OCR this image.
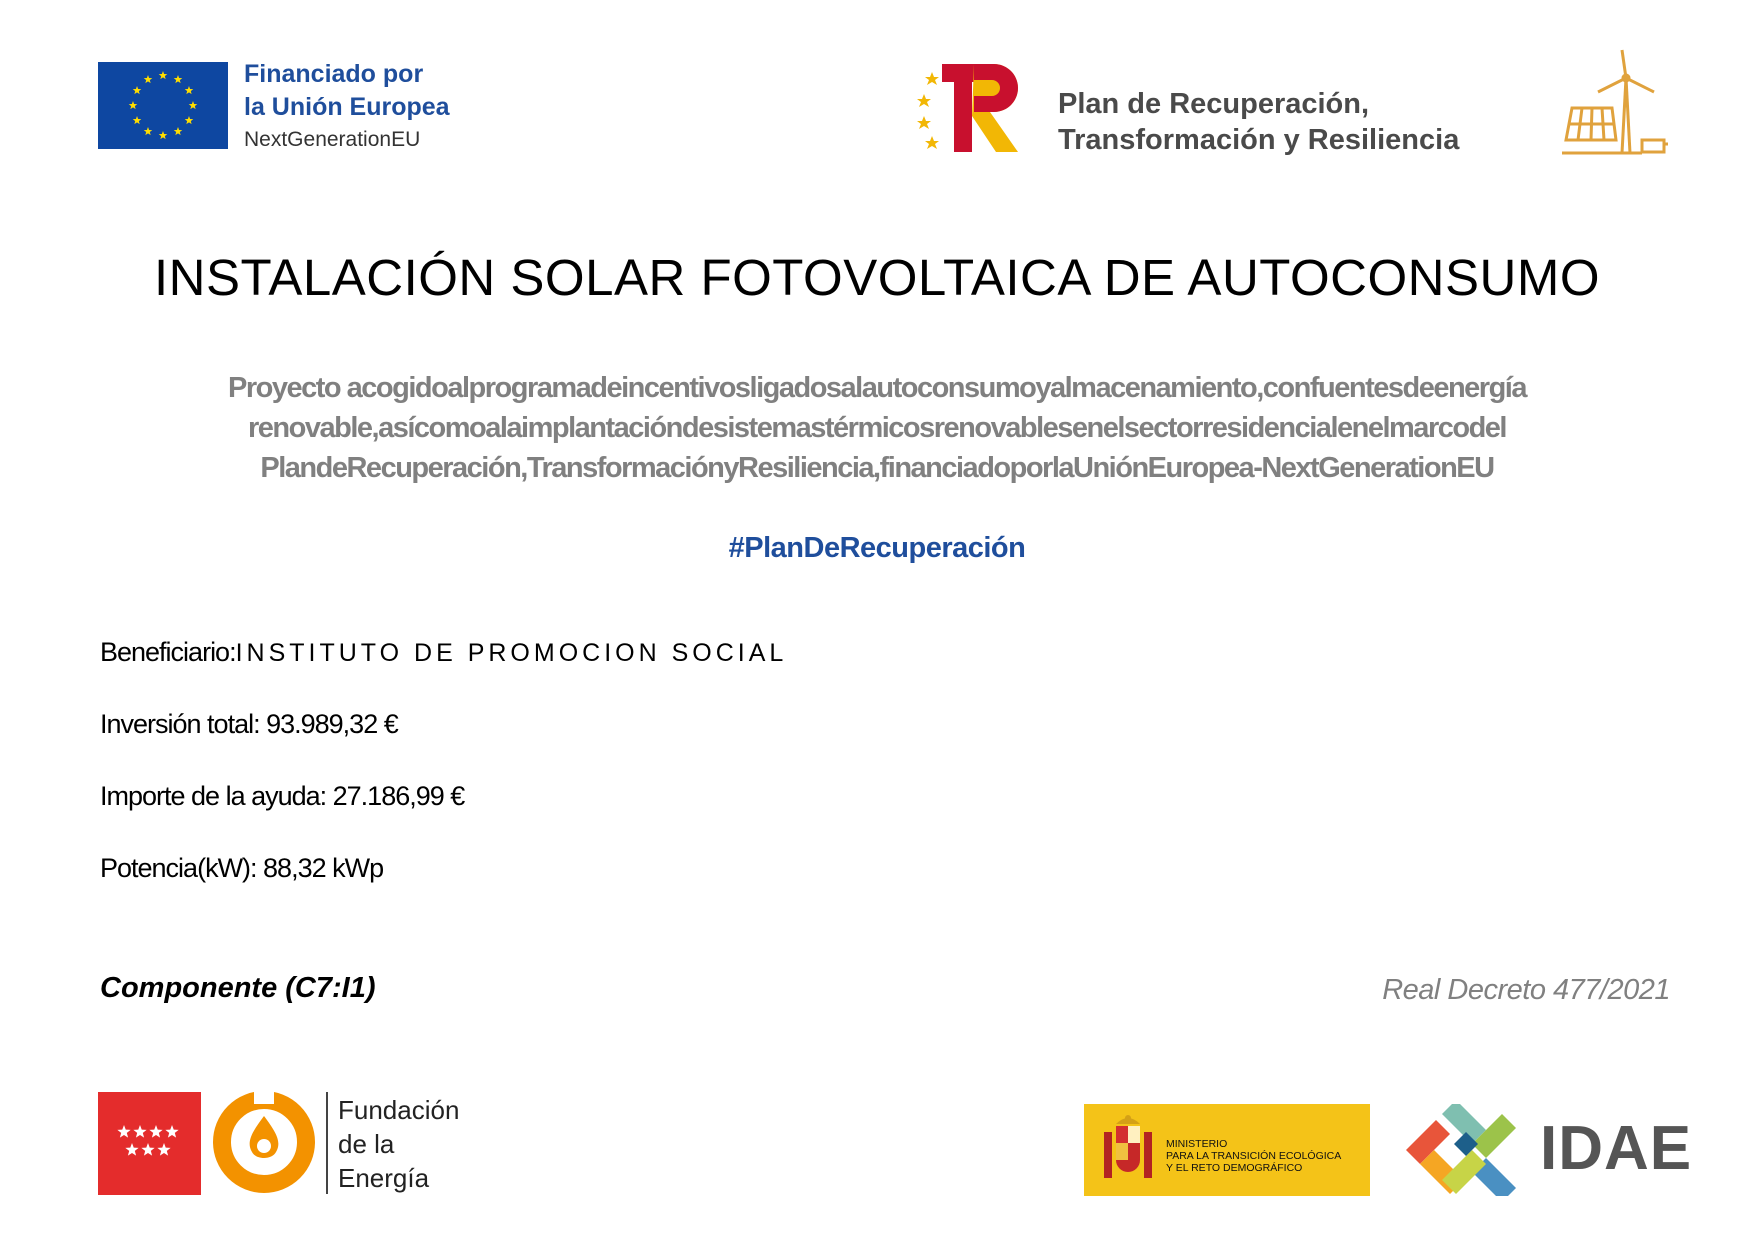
Financiado por
la Unión Europea
NextGenerationEU
Plan de Recuperación,
Transformación y Resiliencia
INSTALACIÓN SOLAR FOTOVOLTAICA DE AUTOCONSUMO
Proyecto acogidoalprogramadeincentivosligadosalautoconsumoyalmacenamiento,confuentesdeenergía
renovable,asícomoalaimplantacióndesistemastérmicosrenovablesenelsectorresidencialenelmarcodel
PlandeRecuperación,TransformaciónyResiliencia,financiadoporlaUniónEuropea-NextGenerationEU
#PlanDeRecuperación
Beneficiario:INSTITUTO DE PROMOCION SOCIAL
Inversión total: 93.989,32 €
Importe de la ayuda: 27.186,99 €
Potencia(kW): 88,32 kWp
Componente (C7:I1)	Real Decreto 477/2021
Fundación
de la
Energía
MINISTERIO
PARA LA TRANSICIÓN ECOLÓGICA
Y EL RETO DEMOGRÁFICO	IDAE
